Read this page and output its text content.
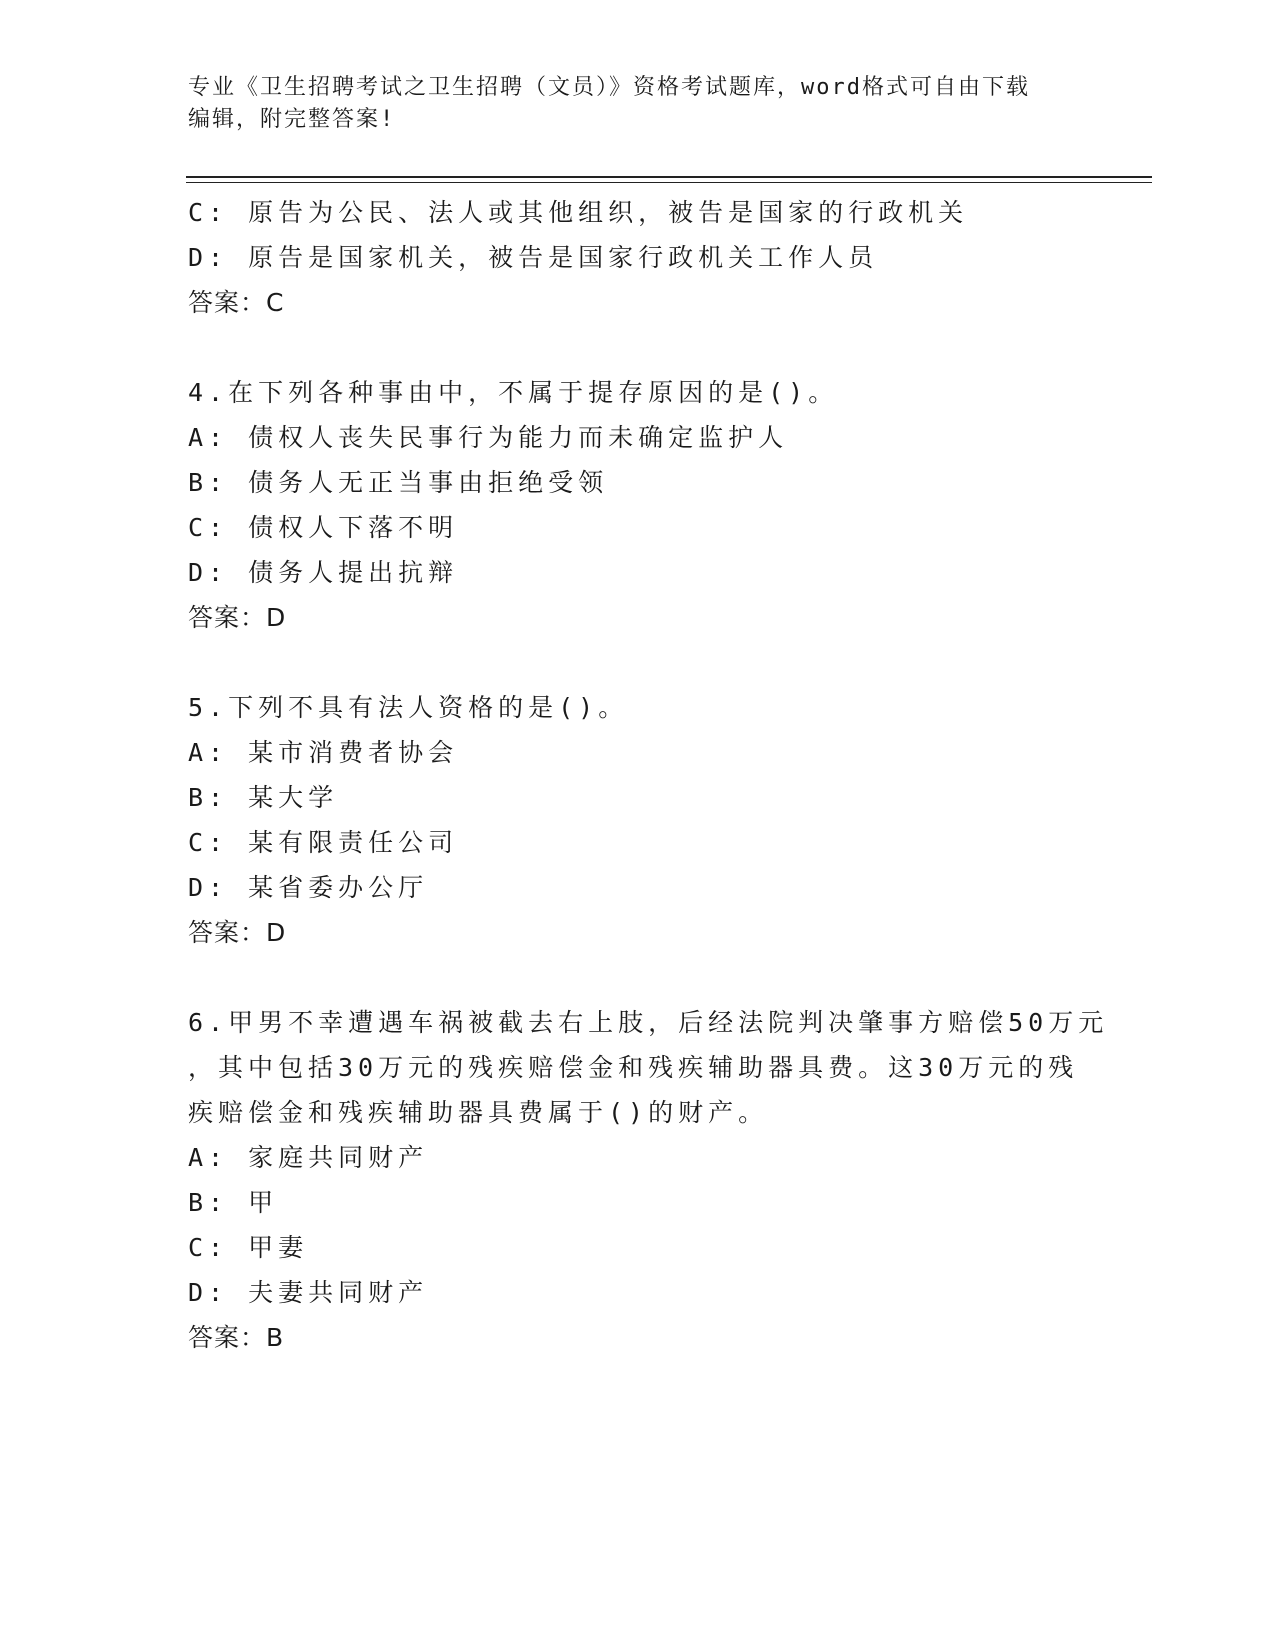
专业《卫生招聘考试之卫生招聘（文员）》资格考试题库，word格式可自由下载
编辑，附完整答案!
C: 原告为公民、法人或其他组织，被告是国家的行政机关
D: 原告是国家机关，被告是国家行政机关工作人员
答案：C
4.在下列各种事由中，不属于提存原因的是()。
A: 债权人丧失民事行为能力而未确定监护人
B: 债务人无正当事由拒绝受领
C: 债权人下落不明
D: 债务人提出抗辩
答案：D
5.下列不具有法人资格的是()。
A: 某市消费者协会
B: 某大学
C: 某有限责任公司
D: 某省委办公厅
答案：D
6.甲男不幸遭遇车祸被截去右上肢，后经法院判决肇事方赔偿50万元
，其中包括30万元的残疾赔偿金和残疾辅助器具费。这30万元的残
疾赔偿金和残疾辅助器具费属于()的财产。
A: 家庭共同财产
B: 甲
C: 甲妻
D: 夫妻共同财产
答案：B
